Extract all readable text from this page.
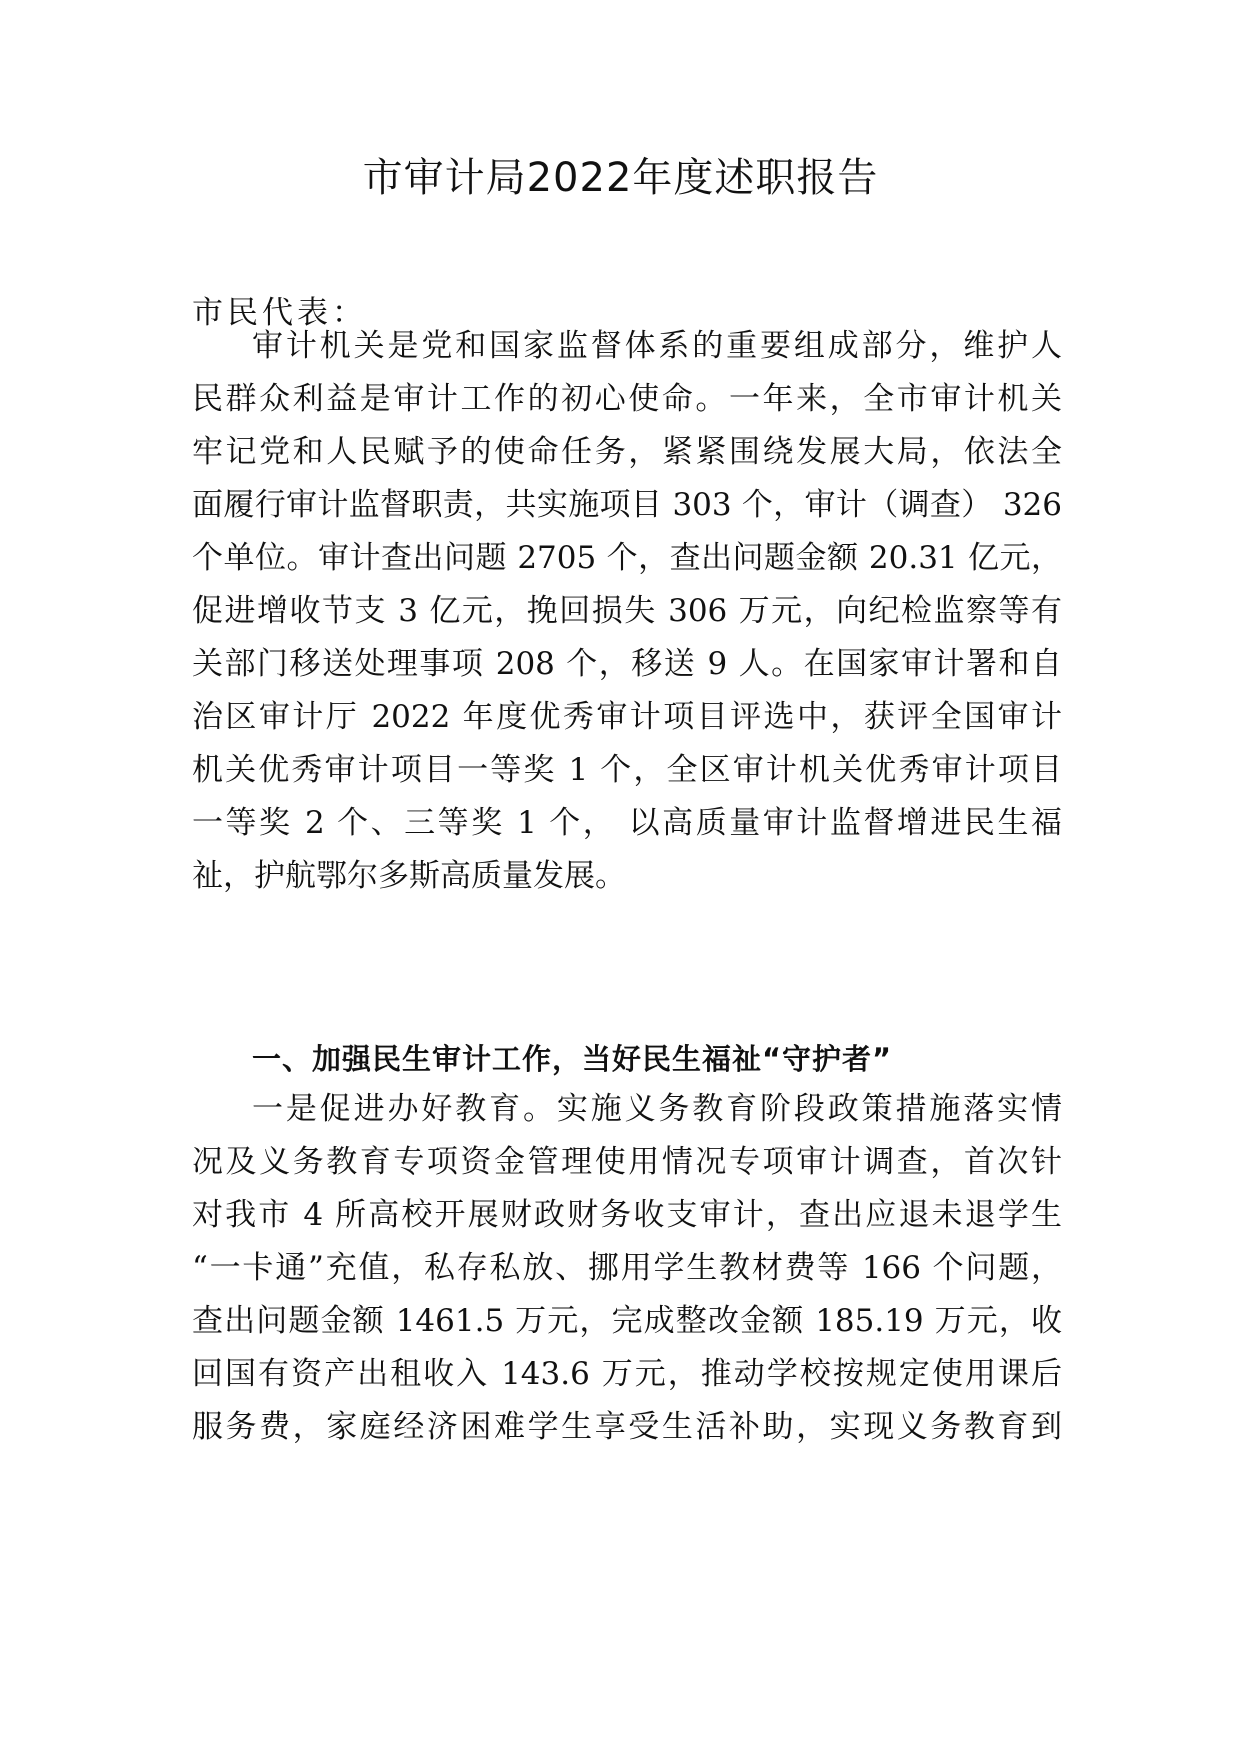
市审计局2022年度述职报告

市民代表：

审计机关是党和国家监督体系的重要组成部分，维护人

民群众利益是审计工作的初心使命。一年来，全市审计机关

牢记党和人民赋予的使命任务，紧紧围绕发展大局，依法全

面履行审计监督职责，共实施项目 303 个，审计（调查） 326

个单位。审计查出问题 2705 个，查出问题金额 20.31 亿元，

促进增收节支 3 亿元，挽回损失 306 万元，向纪检监察等有

关部门移送处理事项 208 个，移送 9 人。在国家审计署和自

治区审计厅 2022 年度优秀审计项目评选中，获评全国审计

机关优秀审计项目一等奖 1 个，全区审计机关优秀审计项目

一等奖 2 个、三等奖 1 个， 以高质量审计监督增进民生福

祉，护航鄂尔多斯高质量发展。

一、加强民生审计工作，当好民生福祉“守护者”

一是促进办好教育。实施义务教育阶段政策措施落实情

况及义务教育专项资金管理使用情况专项审计调查，首次针

对我市 4 所高校开展财政财务收支审计，查出应退未退学生

“一卡通”充值，私存私放、挪用学生教材费等 166 个问题，

查出问题金额 1461.5 万元，完成整改金额 185.19 万元，收

回国有资产出租收入 143.6 万元，推动学校按规定使用课后

服务费，家庭经济困难学生享受生活补助，实现义务教育到
